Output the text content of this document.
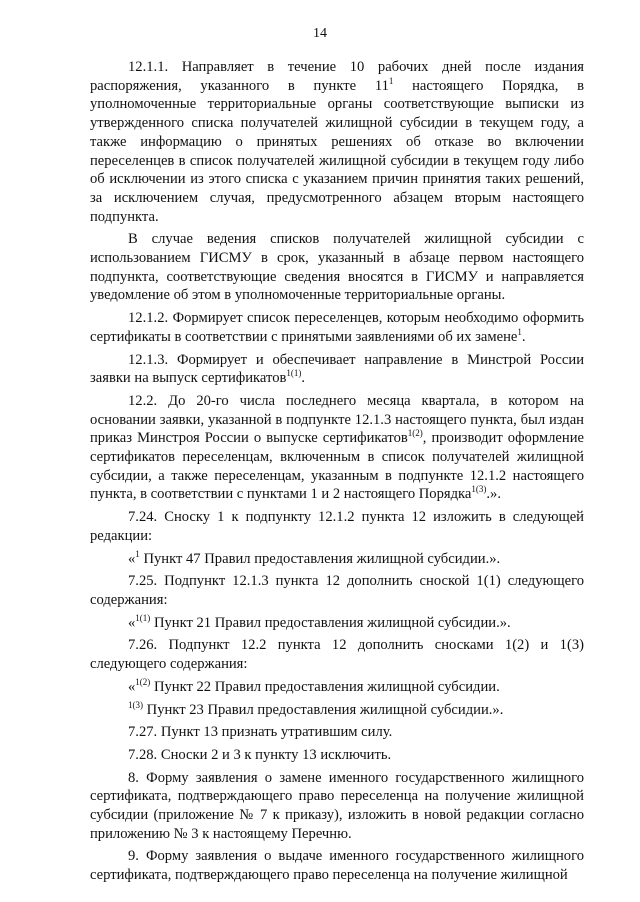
14

12.1.1. Направляет в течение 10 рабочих дней после издания распоряжения, указанного в пункте $11^1$ настоящего Порядка, в уполномоченные территориальные органы соответствующие выписки из утвержденного списка получателей жилищной субсидии в текущем году, а также информацию о принятых решениях об отказе во включении переселенцев в список получателей жилищной субсидии в текущем году либо об исключении из этого списка с указанием причин принятия таких решений, за исключением случая, предусмотренного абзацем вторым настоящего подпункта.

В случае ведения списков получателей жилищной субсидии с использованием ГИСМУ в срок, указанный в абзаце первом настоящего подпункта, соответствующие сведения вносятся в ГИСМУ и направляется уведомление об этом в уполномоченные территориальные органы.

12.1.2. Формирует список переселенцев, которым необходимо оформить сертификаты в соответствии с принятыми заявлениями об их замене$^1$.

12.1.3. Формирует и обеспечивает направление в Минстрой России заявки на выпуск сертификатов$^{1(1)}$.

12.2. До 20-го числа последнего месяца квартала, в котором на основании заявки, указанной в подпункте 12.1.3 настоящего пункта, был издан приказ Минстроя России о выпуске сертификатов$^{1(2)}$, производит оформление сертификатов переселенцам, включенным в список получателей жилищной субсидии, а также переселенцам, указанным в подпункте 12.1.2 настоящего пункта, в соответствии с пунктами 1 и 2 настоящего Порядка$^{1(3)}$.».

7.24. Сноску 1 к подпункту 12.1.2 пункта 12 изложить в следующей редакции:

«$^1$ Пункт 47 Правил предоставления жилищной субсидии.».

7.25. Подпункт 12.1.3 пункта 12 дополнить сноской 1(1) следующего содержания:

«$^{1(1)}$ Пункт 21 Правил предоставления жилищной субсидии.».

7.26. Подпункт 12.2 пункта 12 дополнить сносками 1(2) и 1(3) следующего содержания:

«$^{1(2)}$ Пункт 22 Правил предоставления жилищной субсидии.

$^{1(3)}$ Пункт 23 Правил предоставления жилищной субсидии.».

7.27. Пункт 13 признать утратившим силу.

7.28. Сноски 2 и 3 к пункту 13 исключить.

8. Форму заявления о замене именного государственного жилищного сертификата, подтверждающего право переселенца на получение жилищной субсидии (приложение № 7 к приказу), изложить в новой редакции согласно приложению № 3 к настоящему Перечню.

9. Форму заявления о выдаче именного государственного жилищного сертификата, подтверждающего право переселенца на получение жилищной
